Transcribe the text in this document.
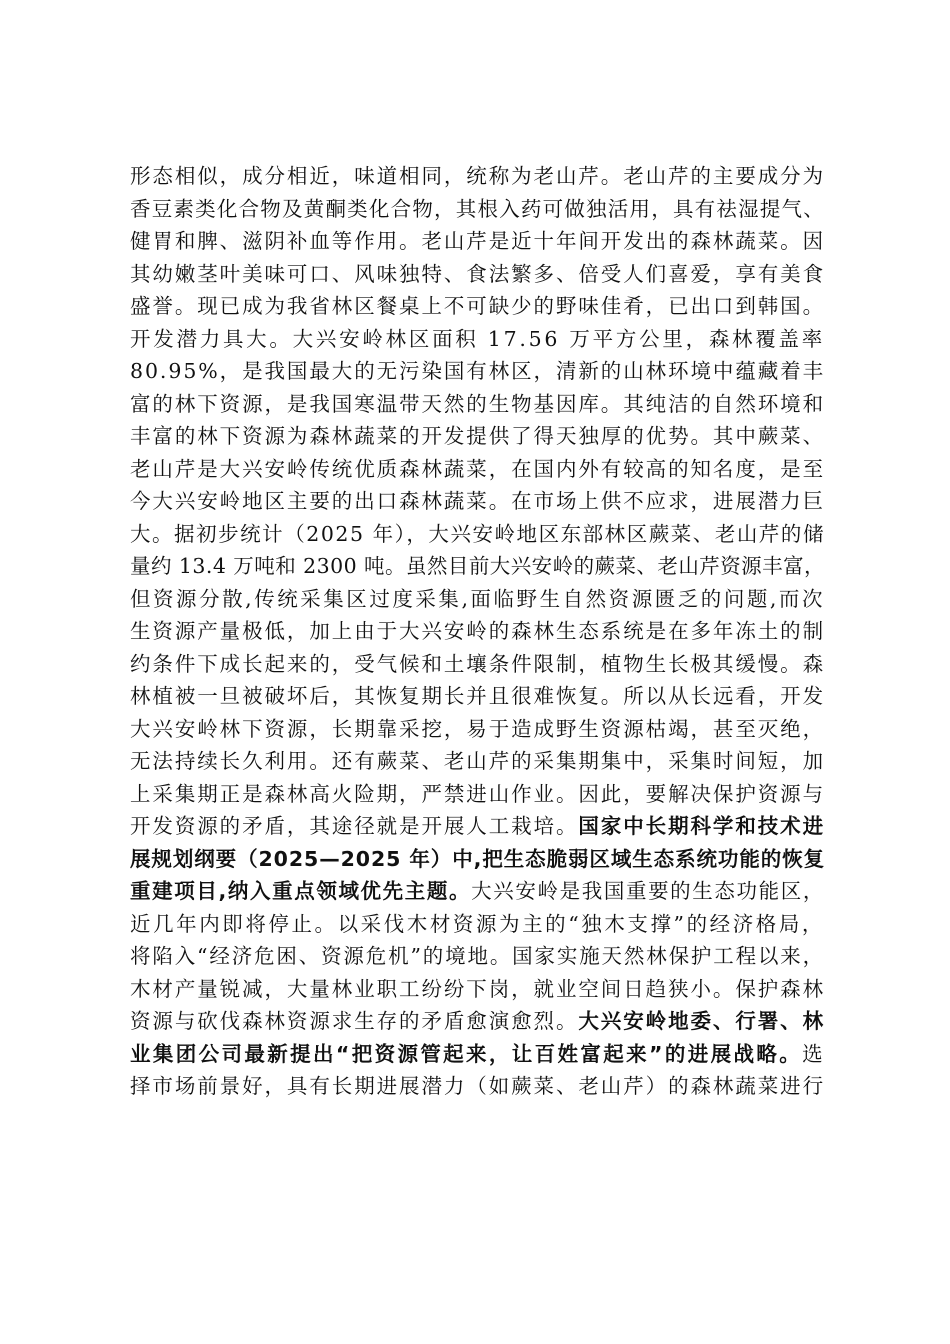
形态相似，成分相近，味道相同，统称为老山芹。老山芹的主要成分为
香豆素类化合物及黄酮类化合物，其根入药可做独活用，具有祛湿提气、
健胃和脾、滋阴补血等作用。老山芹是近十年间开发出的森林蔬菜。因
其幼嫩茎叶美味可口、风味独特、食法繁多、倍受人们喜爱，享有美食
盛誉。现已成为我省林区餐桌上不可缺少的野味佳肴，已出口到韩国。
开发潜力具大。大兴安岭林区面积 17.56 万平方公里，森林覆盖率
80.95%，是我国最大的无污染国有林区，清新的山林环境中蕴藏着丰
富的林下资源，是我国寒温带天然的生物基因库。其纯洁的自然环境和
丰富的林下资源为森林蔬菜的开发提供了得天独厚的优势。其中蕨菜、
老山芹是大兴安岭传统优质森林蔬菜，在国内外有较高的知名度，是至
今大兴安岭地区主要的出口森林蔬菜。在市场上供不应求，进展潜力巨
大。据初步统计（2025 年），大兴安岭地区东部林区蕨菜、老山芹的储
量约 13.4 万吨和 2300 吨。虽然目前大兴安岭的蕨菜、老山芹资源丰富，
但资源分散,传统采集区过度采集,面临野生自然资源匮乏的问题,而次
生资源产量极低，加上由于大兴安岭的森林生态系统是在多年冻土的制
约条件下成长起来的，受气候和土壤条件限制，植物生长极其缓慢。森
林植被一旦被破坏后，其恢复期长并且很难恢复。所以从长远看，开发
大兴安岭林下资源，长期靠采挖，易于造成野生资源枯竭，甚至灭绝，
无法持续长久利用。还有蕨菜、老山芹的采集期集中，采集时间短，加
上采集期正是森林高火险期，严禁进山作业。因此，要解决保护资源与
开发资源的矛盾，其途径就是开展人工栽培。国家中长期科学和技术进
展规划纲要（2025—2025 年）中,把生态脆弱区域生态系统功能的恢复
重建项目,纳入重点领域优先主题。大兴安岭是我国重要的生态功能区，
近几年内即将停止。以采伐木材资源为主的“独木支撑”的经济格局，
将陷入“经济危困、资源危机”的境地。国家实施天然林保护工程以来，
木材产量锐减，大量林业职工纷纷下岗，就业空间日趋狭小。保护森林
资源与砍伐森林资源求生存的矛盾愈演愈烈。大兴安岭地委、行署、林
业集团公司最新提出“把资源管起来，让百姓富起来”的进展战略。选
择市场前景好，具有长期进展潜力（如蕨菜、老山芹）的森林蔬菜进行
